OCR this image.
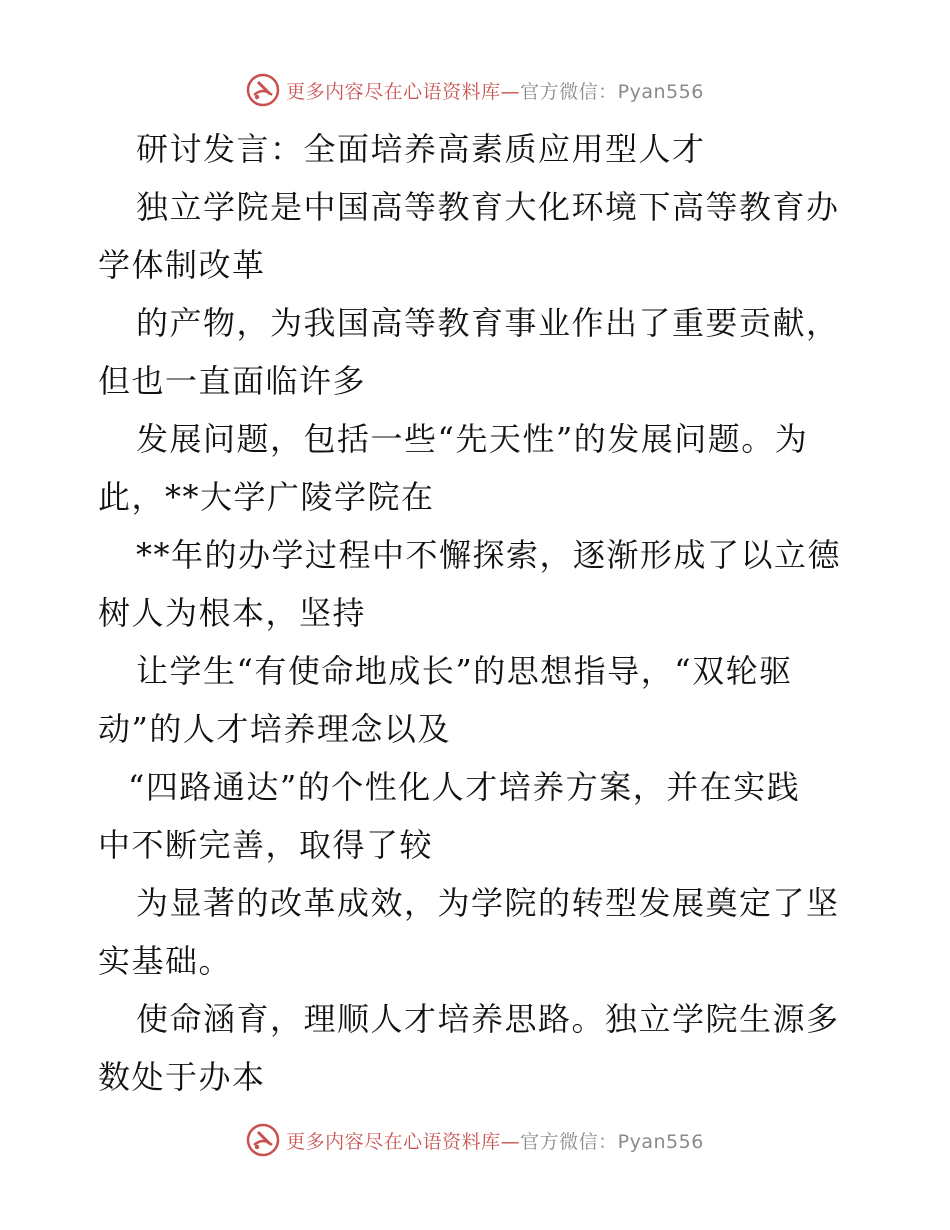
更多内容尽在心语资料库—官方微信：Pyan556
研讨发言：全面培养高素质应用型人才
独立学院是中国高等教育大化环境下高等教育办
学体制改革
的产物，为我国高等教育事业作出了重要贡献，
但也一直面临许多
发展问题，包括一些“先天性”的发展问题。为
此，**大学广陵学院在
**年的办学过程中不懈探索，逐渐形成了以立德
树人为根本，坚持
让学生“有使命地成长”的思想指导，“双轮驱
动”的人才培养理念以及
“四路通达”的个性化人才培养方案，并在实践
中不断完善，取得了较
为显著的改革成效，为学院的转型发展奠定了坚
实基础。
使命涵育，理顺人才培养思路。独立学院生源多
数处于办本
更多内容尽在心语资料库—官方微信：Pyan556
